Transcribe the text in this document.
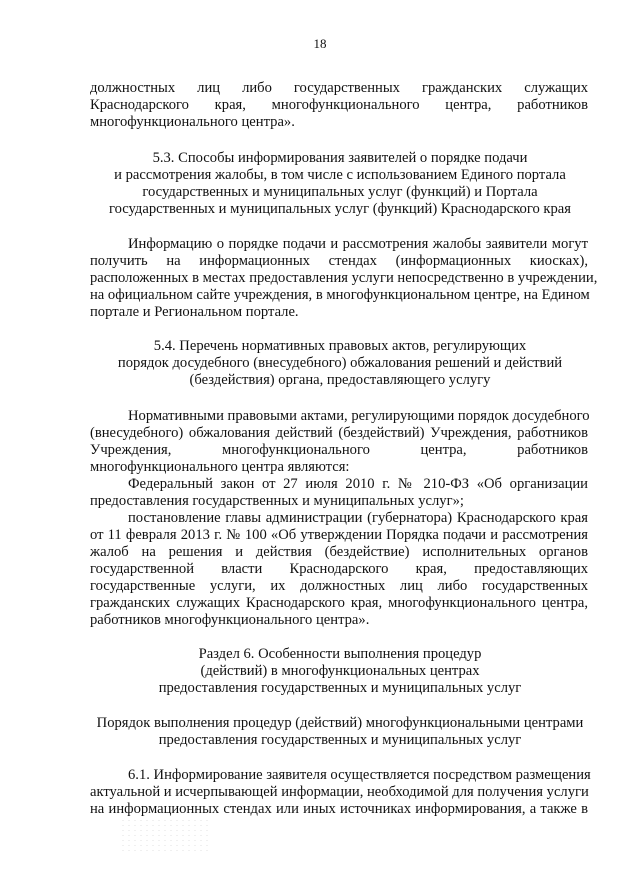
18
должностных лиц либо государственных гражданских служащих
Краснодарского края, многофункционального центра, работников
многофункционального центра».
5.3. Способы информирования заявителей о порядке подачи
и рассмотрения жалобы, в том числе с использованием Единого портала
государственных и муниципальных услуг (функций) и Портала
государственных и муниципальных услуг (функций) Краснодарского края
Информацию о порядке подачи и рассмотрения жалобы заявители могут
получить на информационных стендах (информационных киосках),
расположенных в местах предоставления услуги непосредственно в учреждении,
на официальном сайте учреждения, в многофункциональном центре, на Едином
портале и Региональном портале.
5.4. Перечень нормативных правовых актов, регулирующих
порядок досудебного (внесудебного) обжалования решений и действий
(бездействия) органа, предоставляющего услугу
Нормативными правовыми актами, регулирующими порядок досудебного
(внесудебного) обжалования действий (бездействий) Учреждения, работников
Учреждения, многофункционального центра, работников
многофункционального центра являются:
Федеральный закон от 27 июля 2010 г. № 210-ФЗ «Об организации
предоставления государственных и муниципальных услуг»;
постановление главы администрации (губернатора) Краснодарского края
от 11 февраля 2013 г. № 100 «Об утверждении Порядка подачи и рассмотрения
жалоб на решения и действия (бездействие) исполнительных органов
государственной власти Краснодарского края, предоставляющих
государственные услуги, их должностных лиц либо государственных
гражданских служащих Краснодарского края, многофункционального центра,
работников многофункционального центра».
Раздел 6. Особенности выполнения процедур
(действий) в многофункциональных центрах
предоставления государственных и муниципальных услуг
Порядок выполнения процедур (действий) многофункциональными центрами
предоставления государственных и муниципальных услуг
6.1. Информирование заявителя осуществляется посредством размещения
актуальной и исчерпывающей информации, необходимой для получения услуги
на информационных стендах или иных источниках информирования, а также в
